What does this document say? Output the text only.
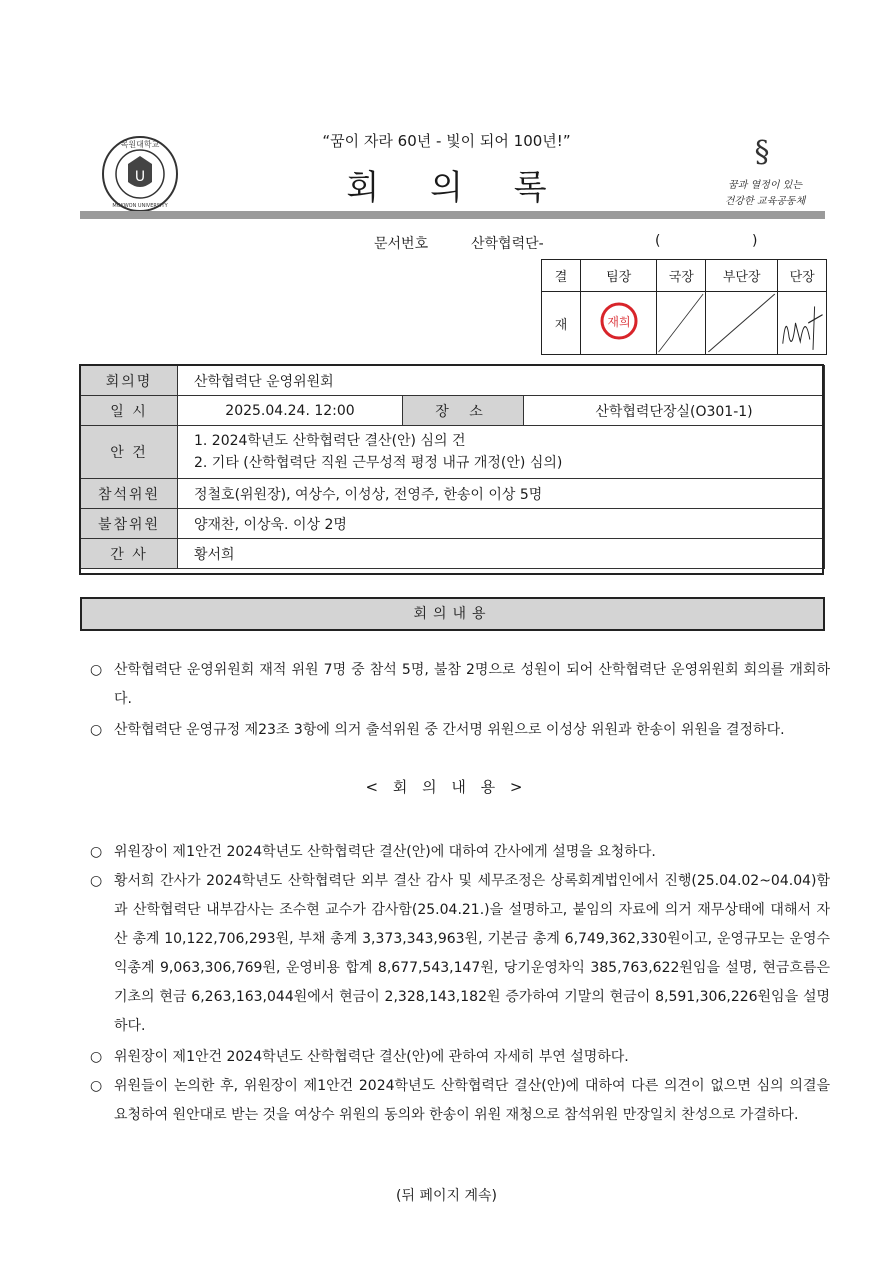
U
목원대학교
MOKWON UNIVERSITY
§
꿈과 열정이 있는
건강한 교육공동체
“꿈이 자라 60년 - 빛이 되어 100년!”
회 의 록
문서번호	산학협력단-	(	)
결	팀장	국장	부단장	단장
재	재희

회의명	산학협력단 운영위원회		
일 시	2025.04.24. 12:00	장 소	산학협력단장실(O301-1)
안 건	1. 2024학년도 산학협력단 결산(안) 심의 건
2. 기타 (산학협력단 직원 근무성적 평정 내규 개정(안) 심의)		

참석위원	정철호(위원장), 여상수, 이성상, 전영주, 한송이 이상 5명		
불참위원	양재찬, 이상욱. 이상 2명		
간 사	황서희		
회의내용
○ 산학협력단 운영위원회 재적 위원 7명 중 참석 5명, 불참 2명으로 성원이 되어 산학협력단 운영위원회 회의를 개회하다.
○ 산학협력단 운영규정 제23조 3항에 의거 출석위원 중 간서명 위원으로 이성상 위원과 한송이 위원을 결정하다.
< 회 의 내 용 >
○ 위원장이 제1안건 2024학년도 산학협력단 결산(안)에 대하여 간사에게 설명을 요청하다.
○ 황서희 간사가 2024학년도 산학협력단 외부 결산 감사 및 세무조정은 상록회계법인에서 진행(25.04.02~04.04)함과 산학협력단 내부감사는 조수현 교수가 감사함(25.04.21.)을 설명하고, 붙임의 자료에 의거 재무상태에 대해서 자산 총계 10,122,706,293원, 부채 총계 3,373,343,963원, 기본금 총계 6,749,362,330원이고, 운영규모는 운영수익총계 9,063,306,769원, 운영비용 합계 8,677,543,147원, 당기운영차익 385,763,622원임을 설명, 현금흐름은 기초의 현금 6,263,163,044원에서 현금이 2,328,143,182원 증가하여 기말의 현금이 8,591,306,226원임을 설명하다.
○ 위원장이 제1안건 2024학년도 산학협력단 결산(안)에 관하여 자세히 부연 설명하다.
○ 위원들이 논의한 후, 위원장이 제1안건 2024학년도 산학협력단 결산(안)에 대하여 다른 의견이 없으면 심의 의결을 요청하여 원안대로 받는 것을 여상수 위원의 동의와 한송이 위원 재청으로 참석위원 만장일치 찬성으로 가결하다.
(뒤 페이지 계속)
